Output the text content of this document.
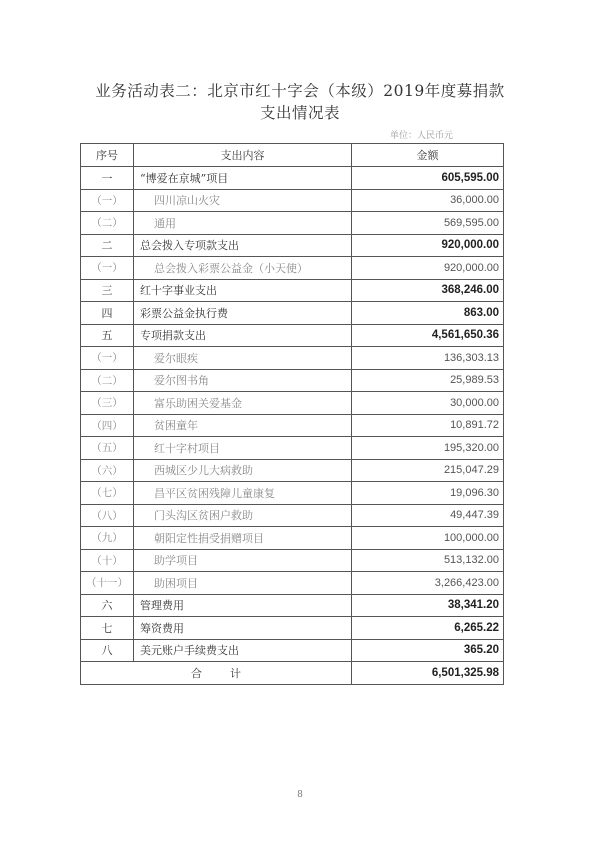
业务活动表二：北京市红十字会（本级）2019年度募捐款
支出情况表
单位：人民币元
序号	支出内容	金额
一	“博爱在京城”项目	605,595.00
（一）	四川凉山火灾	36,000.00
（二）	通用	569,595.00
二	总会拨入专项款支出	920,000.00
（一）	总会拨入彩票公益金（小天使）	920,000.00
三	红十字事业支出	368,246.00
四	彩票公益金执行费	863.00
五	专项捐款支出	4,561,650.36
（一）	爱尔眼疾	136,303.13
（二）	爱尔图书角	25,989.53
（三）	富乐助困关爱基金	30,000.00
（四）	贫困童年	10,891.72
（五）	红十字村项目	195,320.00
（六）	西城区少儿大病救助	215,047.29
（七）	昌平区贫困残障儿童康复	19,096.30
（八）	门头沟区贫困户救助	49,447.39
（九）	朝阳定性捐受捐赠项目	100,000.00
（十）	助学项目	513,132.00
（十一）	助困项目	3,266,423.00
六	管理费用	38,341.20
七	筹资费用	6,265.22
八	美元账户手续费支出	365.20
合计		6,501,325.98
8
